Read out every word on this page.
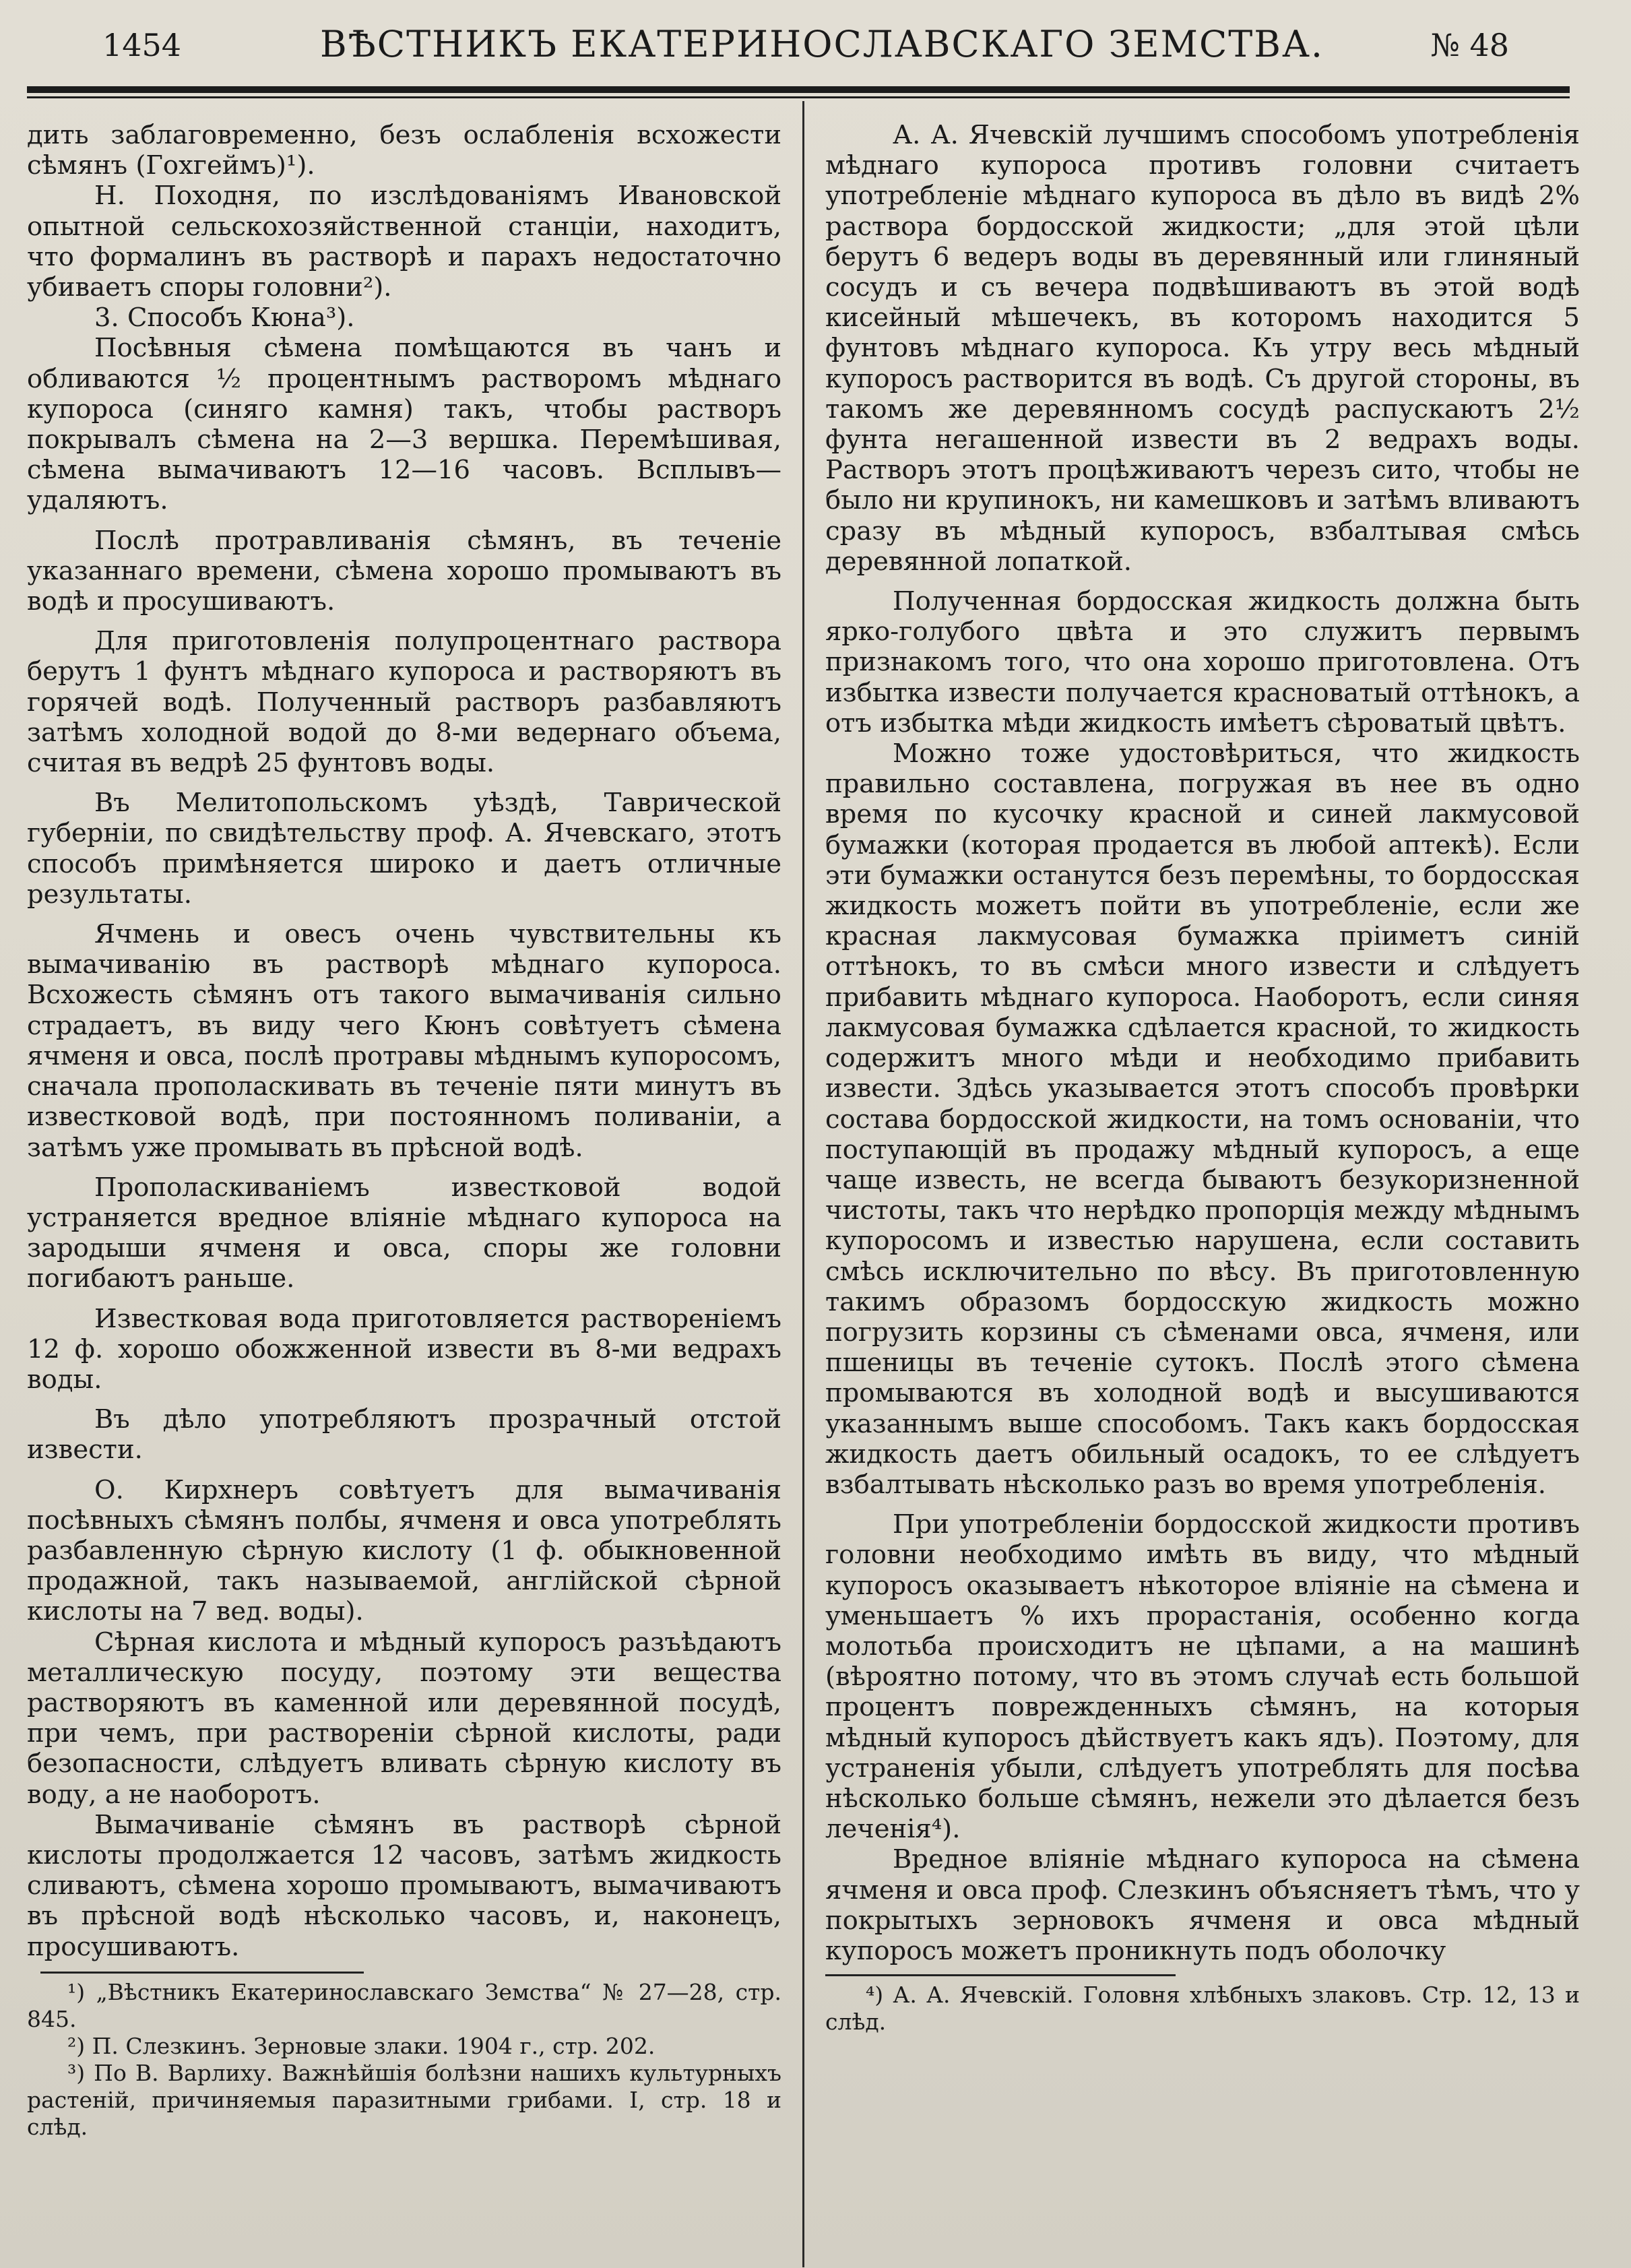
1454	ВѢСТНИКЪ ЕКАТЕРИНОСЛАВСКАГО ЗЕМСТВА.	№ 48

дить заблаговременно, безъ ослабленія всхожести сѣмянъ (Гохгеймъ)¹).

Н. Походня, по изслѣдованіямъ Ивановской опытной сельскохозяйственной станціи, находитъ, что формалинъ въ растворѣ и парахъ недостаточно убиваетъ споры головни²).

3. Способъ Кюна³).

Посѣвныя сѣмена помѣщаются въ чанъ и обливаются ½ процентнымъ растворомъ мѣднаго купороса (синяго камня) такъ, чтобы растворъ покрывалъ сѣмена на 2—3 вершка. Перемѣшивая, сѣмена вымачиваютъ 12—16 часовъ. Всплывъ—удаляютъ.

Послѣ протравливанія сѣмянъ, въ теченіе указаннаго времени, сѣмена хорошо промываютъ въ водѣ и просушиваютъ.

Для приготовленія полупроцентнаго раствора берутъ 1 фунтъ мѣднаго купороса и растворяютъ въ горячей водѣ. Полученный растворъ разбавляютъ затѣмъ холодной водой до 8-ми ведернаго объема, считая въ ведрѣ 25 фунтовъ воды.

Въ Мелитопольскомъ уѣздѣ, Таврической губерніи, по свидѣтельству проф. А. Ячевскаго, этотъ способъ примѣняется широко и даетъ отличные результаты.

Ячмень и овесъ очень чувствительны къ вымачиванію въ растворѣ мѣднаго купороса. Всхожесть сѣмянъ отъ такого вымачиванія сильно страдаетъ, въ виду чего Кюнъ совѣтуетъ сѣмена ячменя и овса, послѣ протравы мѣднымъ купоросомъ, сначала прополаскивать въ теченіе пяти минутъ въ известковой водѣ, при постоянномъ поливаніи, а затѣмъ уже промывать въ прѣсной водѣ.

Прополаскиваніемъ известковой водой устраняется вредное вліяніе мѣднаго купороса на зародыши ячменя и овса, споры же головни погибаютъ раньше.

Известковая вода приготовляется раствореніемъ 12 ф. хорошо обожженной извести въ 8-ми ведрахъ воды.

Въ дѣло употребляютъ прозрачный отстой извести.

О. Кирхнеръ совѣтуетъ для вымачиванія посѣвныхъ сѣмянъ полбы, ячменя и овса употреблять разбавленную сѣрную кислоту (1 ф. обыкновенной продажной, такъ называемой, англійской сѣрной кислоты на 7 вед. воды).

Сѣрная кислота и мѣдный купоросъ разъѣдаютъ металлическую посуду, поэтому эти вещества растворяютъ въ каменной или деревянной посудѣ, при чемъ, при раствореніи сѣрной кислоты, ради безопасности, слѣдуетъ вливать сѣрную кислоту въ воду, а не наоборотъ.

Вымачиваніе сѣмянъ въ растворѣ сѣрной кислоты продолжается 12 часовъ, затѣмъ жидкость сливаютъ, сѣмена хорошо промываютъ, вымачиваютъ въ прѣсной водѣ нѣсколько часовъ, и, наконецъ, просушиваютъ.

¹) „Вѣстникъ Екатеринославскаго Земства“ № 27—28, стр. 845.

²) П. Слезкинъ. Зерновые злаки. 1904 г., стр. 202.

³) По В. Варлиху. Важнѣйшія болѣзни нашихъ культурныхъ растеній, причиняемыя паразитными грибами. I, стр. 18 и слѣд.

А. А. Ячевскій лучшимъ способомъ употребленія мѣднаго купороса противъ головни считаетъ употребленіе мѣднаго купороса въ дѣло въ видѣ 2% раствора бордосской жидкости; „для этой цѣли берутъ 6 ведеръ воды въ деревянный или глиняный сосудъ и съ вечера подвѣшиваютъ въ этой водѣ кисейный мѣшечекъ, въ которомъ находится 5 фунтовъ мѣднаго купороса. Къ утру весь мѣдный купоросъ растворится въ водѣ. Съ другой стороны, въ такомъ же деревянномъ сосудѣ распускаютъ 2½ фунта негашенной извести въ 2 ведрахъ воды. Растворъ этотъ процѣживаютъ черезъ сито, чтобы не было ни крупинокъ, ни камешковъ и затѣмъ вливаютъ сразу въ мѣдный купоросъ, взбалтывая смѣсь деревянной лопаткой.

Полученная бордосская жидкость должна быть ярко-голубого цвѣта и это служитъ первымъ признакомъ того, что она хорошо приготовлена. Отъ избытка извести получается красноватый оттѣнокъ, а отъ избытка мѣди жидкость имѣетъ сѣроватый цвѣтъ.

Можно тоже удостовѣриться, что жидкость правильно составлена, погружая въ нее въ одно время по кусочку красной и синей лакмусовой бумажки (которая продается въ любой аптекѣ). Если эти бумажки останутся безъ перемѣны, то бордосская жидкость можетъ пойти въ употребленіе, если же красная лакмусовая бумажка пріиметъ синій оттѣнокъ, то въ смѣси много извести и слѣдуетъ прибавить мѣднаго купороса. Наоборотъ, если синяя лакмусовая бумажка сдѣлается красной, то жидкость содержитъ много мѣди и необходимо прибавить извести. Здѣсь указывается этотъ способъ провѣрки состава бордосской жидкости, на томъ основаніи, что поступающій въ продажу мѣдный купоросъ, а еще чаще известь, не всегда бываютъ безукоризненной чистоты, такъ что нерѣдко пропорція между мѣднымъ купоросомъ и известью нарушена, если составить смѣсь исключительно по вѣсу. Въ приготовленную такимъ образомъ бордосскую жидкость можно погрузить корзины съ сѣменами овса, ячменя, или пшеницы въ теченіе сутокъ. Послѣ этого сѣмена промываются въ холодной водѣ и высушиваются указаннымъ выше способомъ. Такъ какъ бордосская жидкость даетъ обильный осадокъ, то ее слѣдуетъ взбалтывать нѣсколько разъ во время употребленія.

При употребленіи бордосской жидкости противъ головни необходимо имѣть въ виду, что мѣдный купоросъ оказываетъ нѣкоторое вліяніе на сѣмена и уменьшаетъ % ихъ прорастанія, особенно когда молотьба происходитъ не цѣпами, а на машинѣ (вѣроятно потому, что въ этомъ случаѣ есть большой процентъ поврежденныхъ сѣмянъ, на которыя мѣдный купоросъ дѣйствуетъ какъ ядъ). Поэтому, для устраненія убыли, слѣдуетъ употреблять для посѣва нѣсколько больше сѣмянъ, нежели это дѣлается безъ леченія⁴).

Вредное вліяніе мѣднаго купороса на сѣмена ячменя и овса проф. Слезкинъ объясняетъ тѣмъ, что у покрытыхъ зерновокъ ячменя и овса мѣдный купоросъ можетъ проникнуть подъ оболочку

⁴) А. А. Ячевскій. Головня хлѣбныхъ злаковъ. Стр. 12, 13 и слѣд.
